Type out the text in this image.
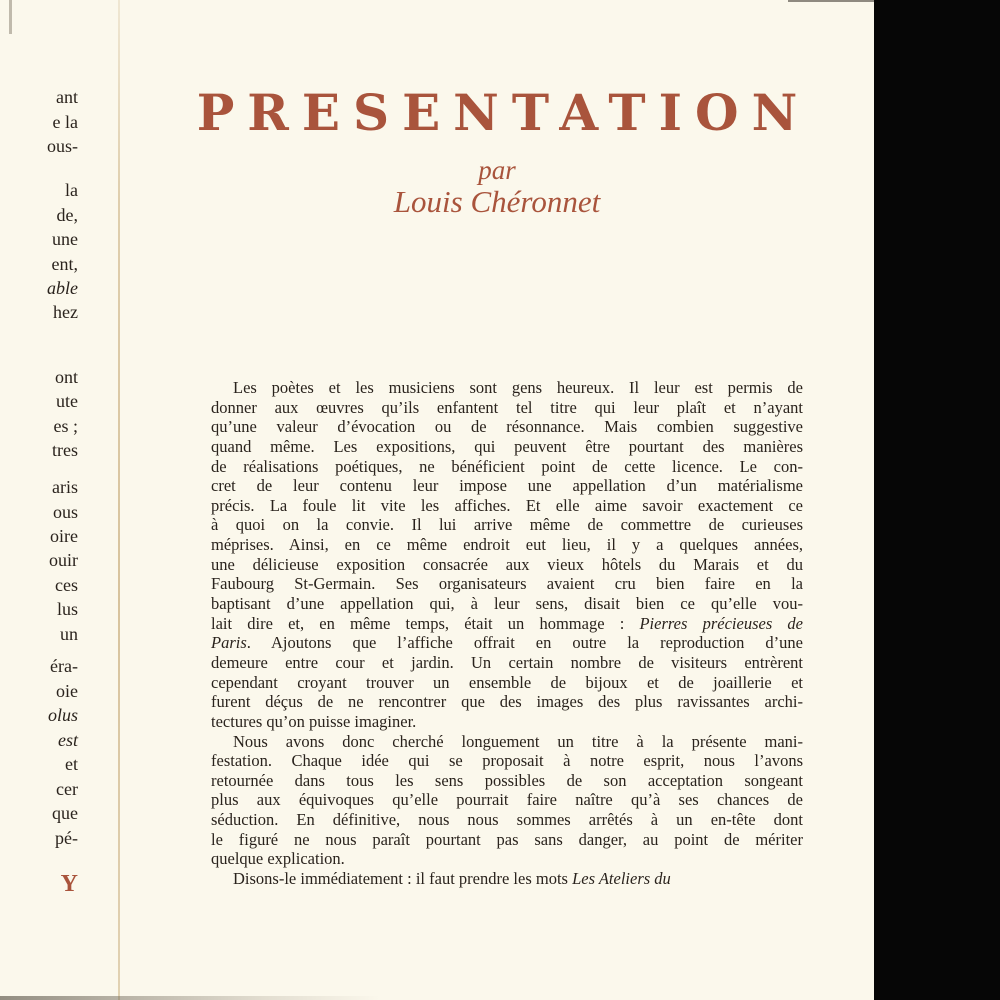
ant
e la
ous-
la
de,
une
ent,
able
hez
ont
ute
es ;
tres
aris
ous
oire
ouir
ces
lus
un
éra-
oie
olus
est
et
cer
que
pé-
Y
PRESENTATION
par
Louis Chéronnet
Les poètes et les musiciens sont gens heureux. Il leur est permis de
donner aux œuvres qu’ils enfantent tel titre qui leur plaît et n’ayant
qu’une valeur d’évocation ou de résonnance. Mais combien suggestive
quand même. Les expositions, qui peuvent être pourtant des manières
de réalisations poétiques, ne bénéficient point de cette licence. Le con-
cret de leur contenu leur impose une appellation d’un matérialisme
précis. La foule lit vite les affiches. Et elle aime savoir exactement ce
à quoi on la convie. Il lui arrive même de commettre de curieuses
méprises. Ainsi, en ce même endroit eut lieu, il y a quelques années,
une délicieuse exposition consacrée aux vieux hôtels du Marais et du
Faubourg St-Germain. Ses organisateurs avaient cru bien faire en la
baptisant d’une appellation qui, à leur sens, disait bien ce qu’elle vou-
lait dire et, en même temps, était un hommage : Pierres précieuses de
Paris. Ajoutons que l’affiche offrait en outre la reproduction d’une
demeure entre cour et jardin. Un certain nombre de visiteurs entrèrent
cependant croyant trouver un ensemble de bijoux et de joaillerie et
furent déçus de ne rencontrer que des images des plus ravissantes archi-
tectures qu’on puisse imaginer.
Nous avons donc cherché longuement un titre à la présente mani-
festation. Chaque idée qui se proposait à notre esprit, nous l’avons
retournée dans tous les sens possibles de son acceptation songeant
plus aux équivoques qu’elle pourrait faire naître qu’à ses chances de
séduction. En définitive, nous nous sommes arrêtés à un en-tête dont
le figuré ne nous paraît pourtant pas sans danger, au point de mériter
quelque explication.
Disons-le immédiatement : il faut prendre les mots Les Ateliers du
